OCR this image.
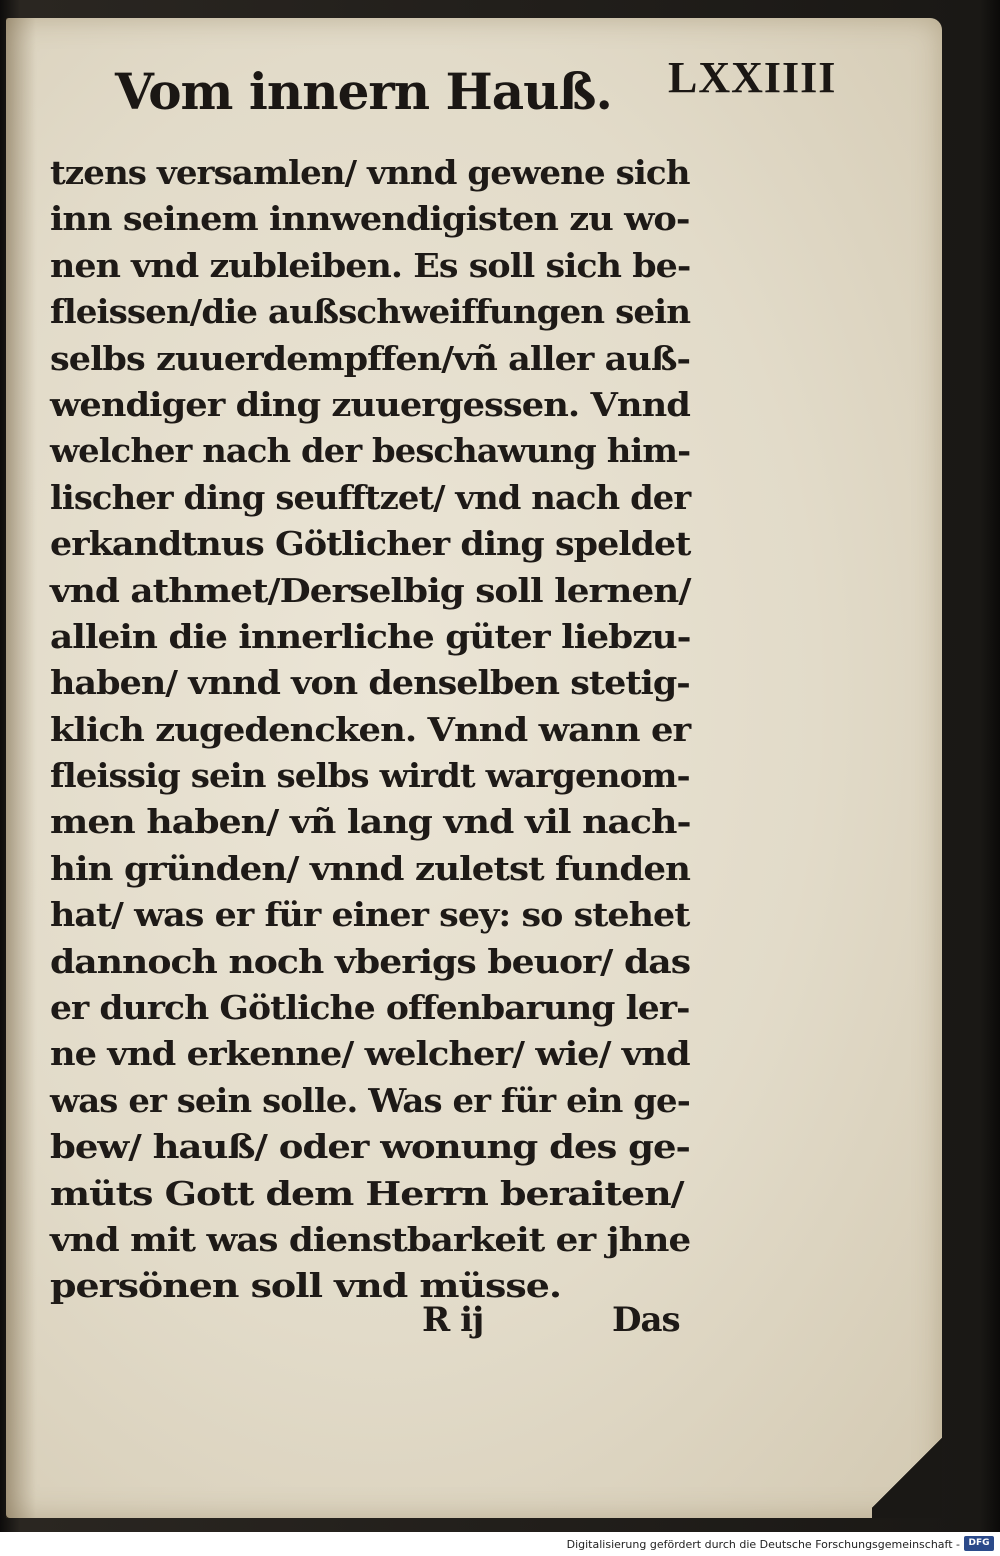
Vom innern Hauß. LXXIIII
tzens versamlen/ vnnd gewene sich
inn seinem innwendigisten zu wo-
nen vnd zubleiben. Es soll sich be-
fleissen/die außschweiffungen sein
selbs zuuerdempffen/vñ aller auß-
wendiger ding zuuergessen. Vnnd
welcher nach der beschawung him-
lischer ding seufftzet/ vnd nach der
erkandtnus Götlicher ding speldet
vnd athmet/Derselbig soll lernen/
allein die innerliche güter liebzu-
haben/ vnnd von denselben stetig-
klich zugedencken. Vnnd wann er
fleissig sein selbs wirdt wargenom-
men haben/ vñ lang vnd vil nach-
hin gründen/ vnnd zuletst funden
hat/ was er für einer sey: so stehet
dannoch noch vberigs beuor/ das
er durch Götliche offenbarung ler-
ne vnd erkenne/ welcher/ wie/ vnd
was er sein solle. Was er für ein ge-
bew/ hauß/ oder wonung des ge-
müts Gott dem Herrn beraiten/
vnd mit was dienstbarkeit er jhne
persönen soll vnd müsse.
R ij	Das
Digitalisierung gefördert durch die Deutsche Forschungsgemeinschaft - DFG
